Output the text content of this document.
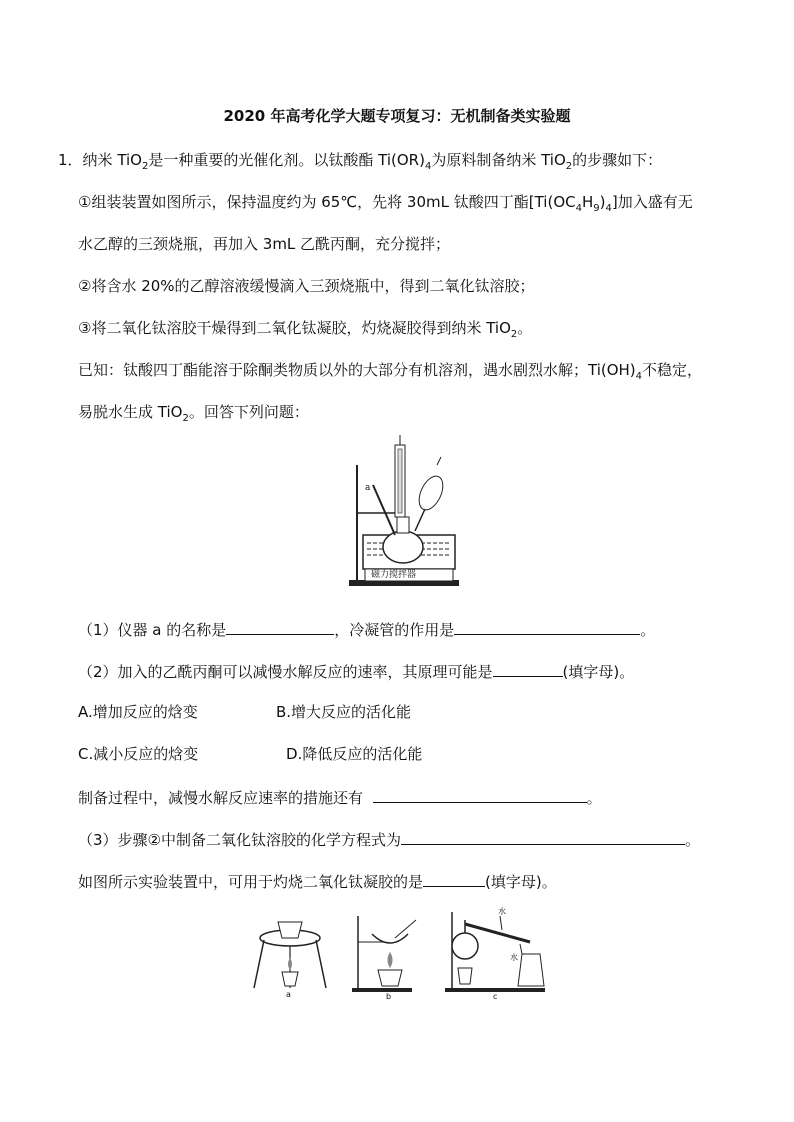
2020 年高考化学大题专项复习：无机制备类实验题
1．纳米 TiO$_2$是一种重要的光催化剂。以钛酸酯 $Ti(OR)_4$为原料制备纳米 TiO$_2$的步骤如下：
①组装装置如图所示，保持温度约为 65℃，先将 30mL 钛酸四丁酯$[Ti(OC_4H_9)_4]$加入盛有无
水乙醇的三颈烧瓶，再加入 3mL 乙酰丙酮，充分搅拌；
②将含水 20%的乙醇溶液缓慢滴入三颈烧瓶中，得到二氧化钛溶胶；
③将二氧化钛溶胶干燥得到二氧化钛凝胶，灼烧凝胶得到纳米 TiO$_2$。
已知：钛酸四丁酯能溶于除酮类物质以外的大部分有机溶剂，遇水剧烈水解；$Ti(OH)_4$不稳定，
易脱水生成 TiO$_2$。回答下列问题：
a
磁力搅拌器
（1）仪器 a 的名称是	，冷凝管的作用是	。
（2）加入的乙酰丙酮可以减慢水解反应的速率，其原理可能是	(填字母)。
A.增加反应的焓变	B.增大反应的活化能
C.减小反应的焓变	D.降低反应的活化能
制备过程中，减慢水解反应速率的措施还有	。
（3）步骤②中制备二氧化钛溶胶的化学方程式为	。
如图所示实验装置中，可用于灼烧二氧化钛凝胶的是	(填字母)。
a	b	c
水
水
